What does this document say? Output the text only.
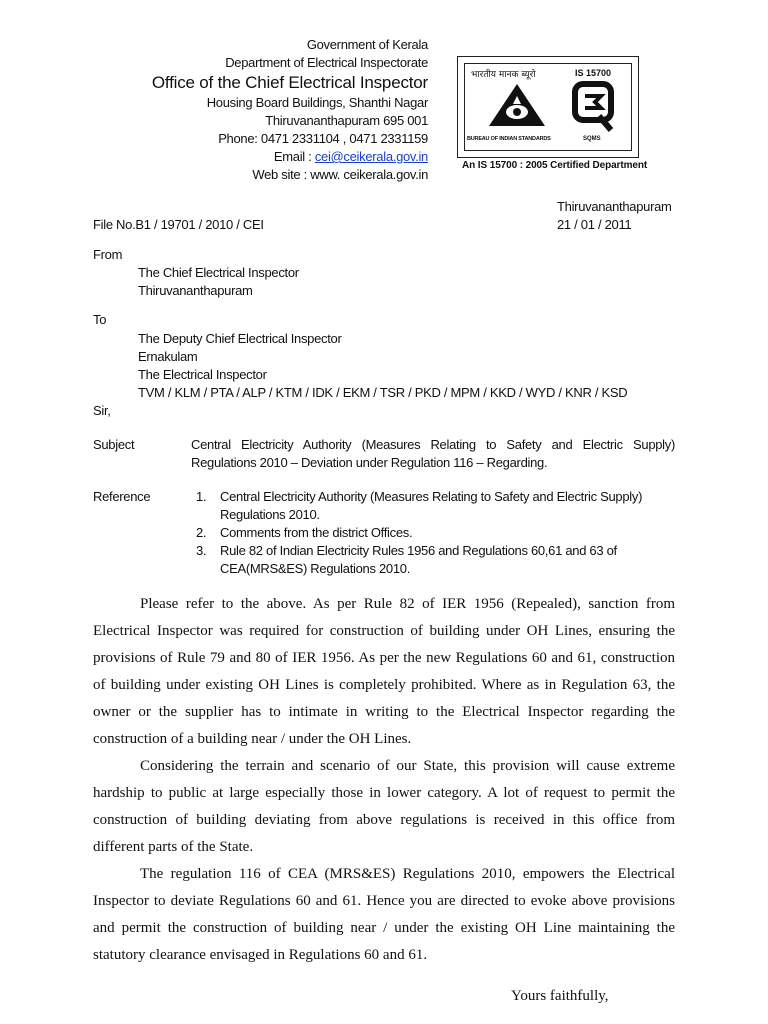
Government of Kerala
Department of Electrical Inspectorate
Office of the Chief Electrical Inspector
Housing Board Buildings, Shanthi Nagar
Thiruvananthapuram 695 001
Phone: 0471 2331104 , 0471 2331159
Email : cei@ceikerala.gov.in
Web site : www. ceikerala.gov.in
भारतीय मानक ब्यूरो	IS 15700
BUREAU OF INDIAN STANDARDS	SQMS
An IS 15700 : 2005 Certified Department
Thiruvananthapuram
21 / 01 / 2011
File No.B1 / 19701 / 2010 / CEI
From
The Chief Electrical Inspector
Thiruvananthapuram
To
The Deputy Chief Electrical Inspector
Ernakulam
The Electrical Inspector
TVM / KLM / PTA / ALP / KTM / IDK / EKM / TSR / PKD / MPM / KKD / WYD / KNR / KSD
Sir,
Subject	Central Electricity Authority (Measures Relating to Safety and Electric Supply) Regulations 2010 – Deviation under Regulation 116 – Regarding.
Reference	1.	Central Electricity Authority (Measures Relating to Safety and Electric Supply) Regulations 2010.
2.	Comments from the district Offices.
3.	Rule 82 of Indian Electricity Rules 1956 and Regulations 60,61 and 63 of CEA(MRS&ES) Regulations 2010.

Please refer to the above. As per Rule 82 of IER 1956 (Repealed), sanction from Electrical Inspector was required for construction of building under OH Lines, ensuring the provisions of Rule 79 and 80 of IER 1956. As per the new Regulations 60 and 61, construction of building under existing OH Lines is completely prohibited. Where as in Regulation 63, the owner or the supplier has to intimate in writing to the Electrical Inspector regarding the construction of a building near / under the OH Lines.

Considering the terrain and scenario of our State, this provision will cause extreme hardship to public at large especially those in lower category. A lot of request to permit the construction of building deviating from above regulations is received in this office from different parts of the State.

The regulation 116 of CEA (MRS&ES) Regulations 2010, empowers the Electrical Inspector to deviate Regulations 60 and 61. Hence you are directed to evoke above provisions and permit the construction of building near / under the existing OH Line maintaining the statutory clearance envisaged in Regulations 60 and 61.

Yours faithfully,
